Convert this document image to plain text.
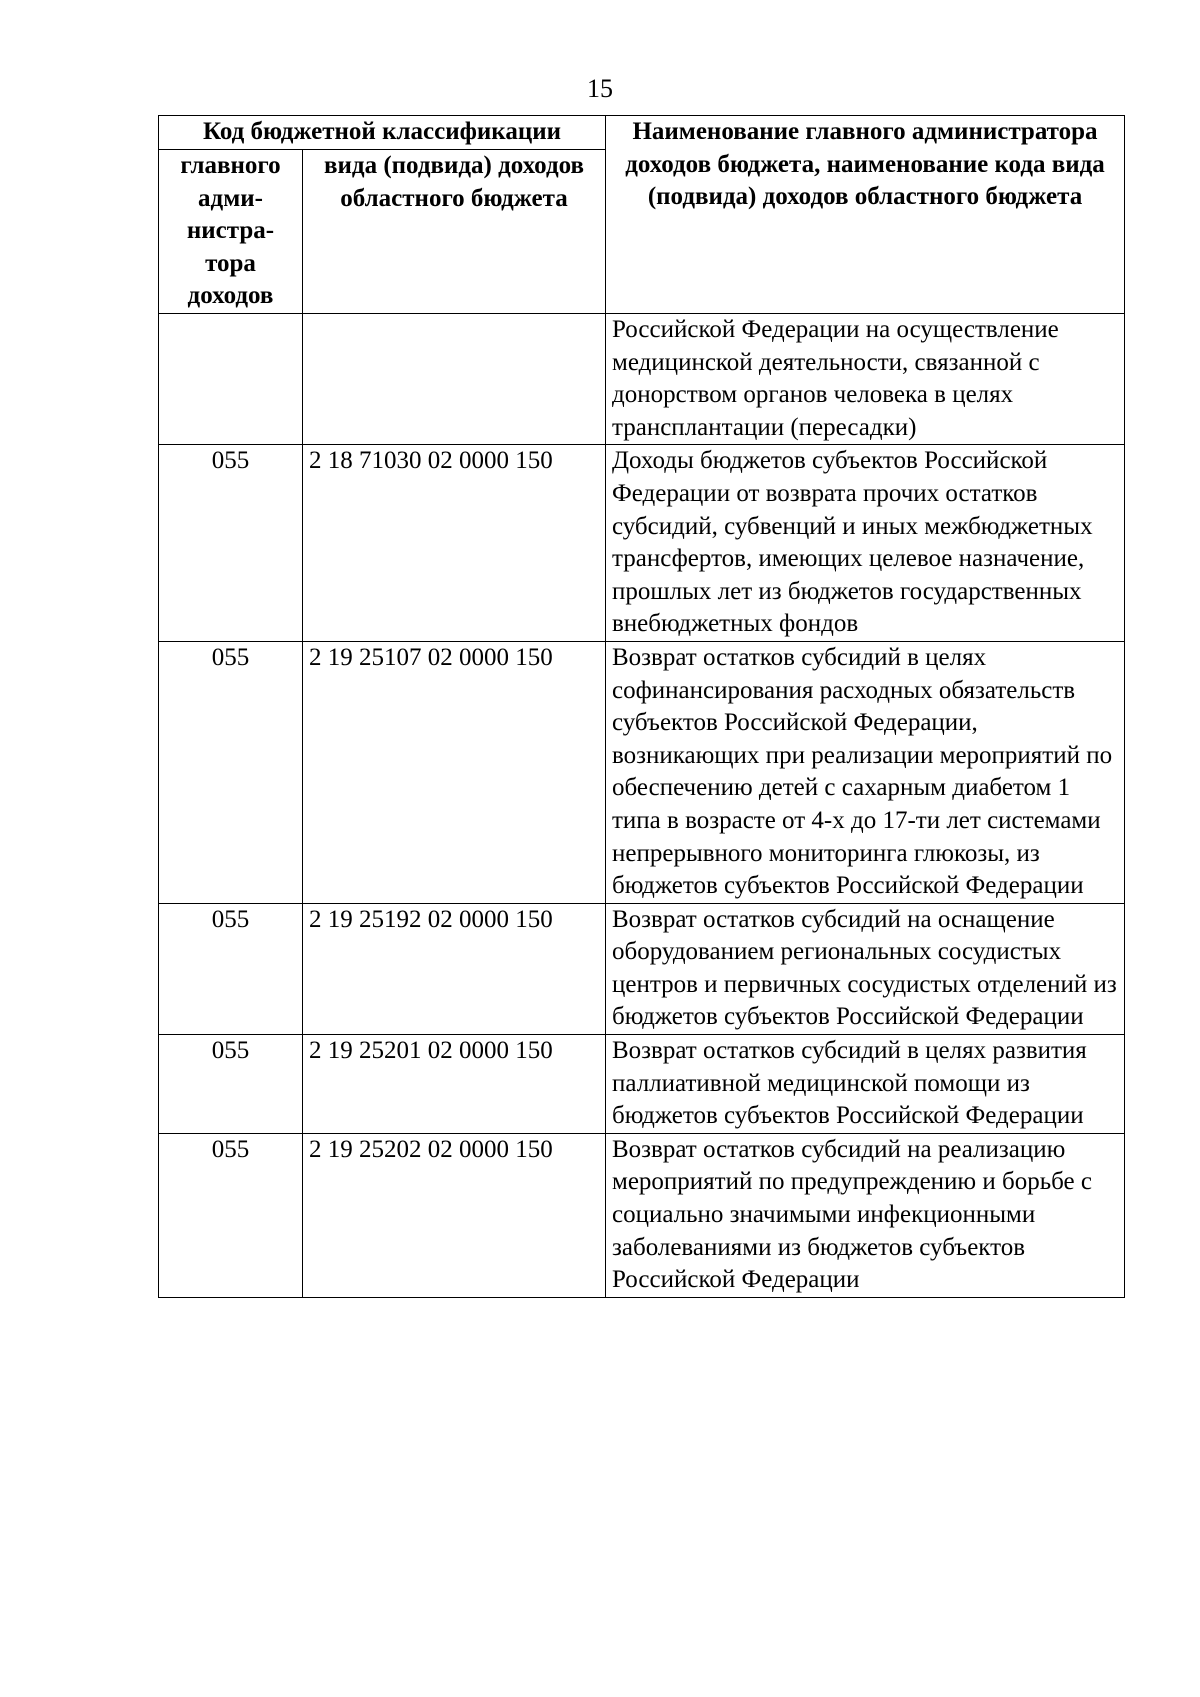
15
Код бюджетной классификации		Наименование главного администратора доходов бюджета, наименование кода вида (подвида) доходов областного бюджета
главного адми-нистра-тора доходов	вида (подвида) доходов областного бюджета	
		Российской Федерации на осуществление медицинской деятельности, связанной с донорством органов человека в целях трансплантации (пересадки)
055	2 18 71030 02 0000 150	Доходы бюджетов субъектов Российской Федерации от возврата прочих остатков субсидий, субвенций и иных межбюджетных трансфертов, имеющих целевое назначение, прошлых лет из бюджетов государственных внебюджетных фондов
055	2 19 25107 02 0000 150	Возврат остатков субсидий в целях софинансирования расходных обязательств субъектов Российской Федерации, возникающих при реализации мероприятий по обеспечению детей с сахарным диабетом 1 типа в возрасте от 4-х до 17-ти лет системами непрерывного мониторинга глюкозы, из бюджетов субъектов Российской Федерации
055	2 19 25192 02 0000 150	Возврат остатков субсидий на оснащение оборудованием региональных сосудистых центров и первичных сосудистых отделений из бюджетов субъектов Российской Федерации
055	2 19 25201 02 0000 150	Возврат остатков субсидий в целях развития паллиативной медицинской помощи из бюджетов субъектов Российской Федерации
055	2 19 25202 02 0000 150	Возврат остатков субсидий на реализацию мероприятий по предупреждению и борьбе с социально значимыми инфекционными заболеваниями из бюджетов субъектов Российской Федерации
